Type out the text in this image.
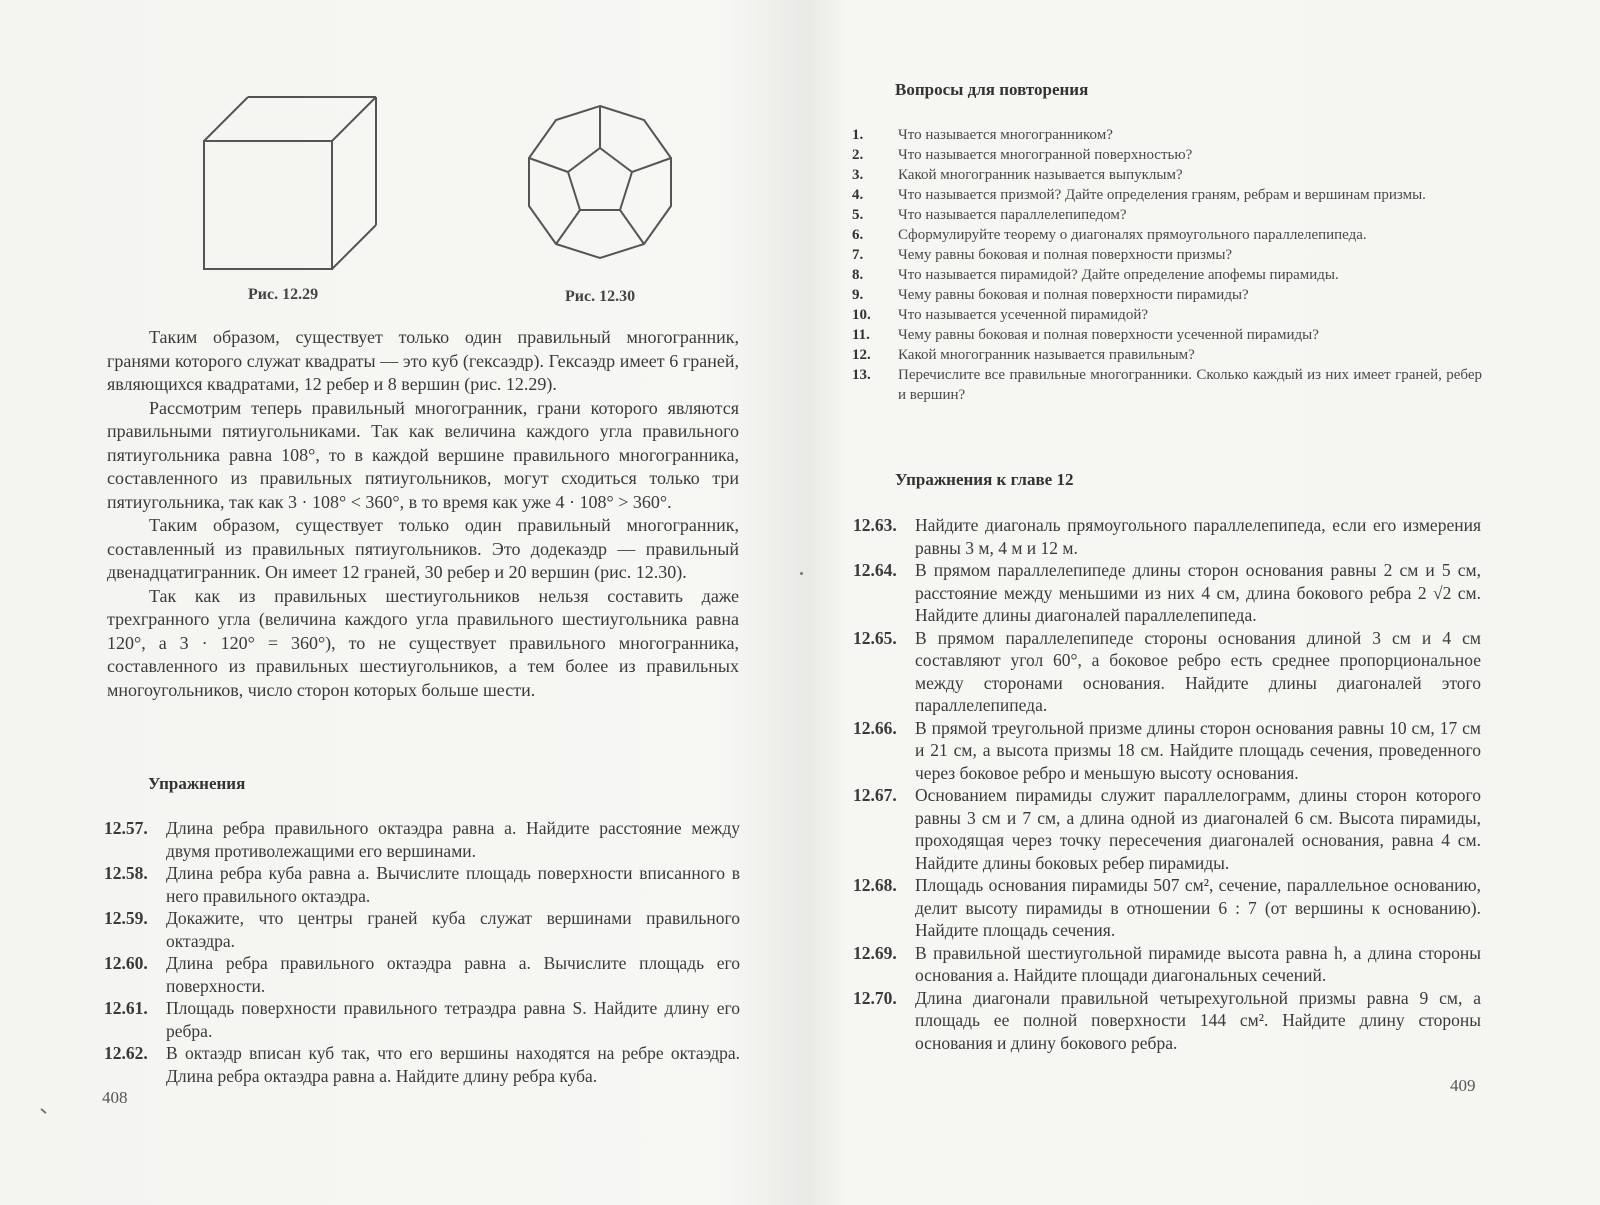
Рис. 12.29	Рис. 12.30

Таким образом, существует только один правильный многогранник, гранями которого служат квадраты — это куб (гексаэдр). Гексаэдр имеет 6 граней, являющихся квадратами, 12 ребер и 8 вершин (рис. 12.29).

Рассмотрим теперь правильный многогранник, грани которого являются правильными пятиугольниками. Так как величина каждого угла правильного пятиугольника равна 108°, то в каждой вершине правильного многогранника, составленного из правильных пятиугольников, могут сходиться только три пятиугольника, так как 3 · 108° < 360°, в то время как уже 4 · 108° > 360°.

Таким образом, существует только один правильный многогранник, составленный из правильных пятиугольников. Это додекаэдр — правильный двенадцатигранник. Он имеет 12 граней, 30 ребер и 20 вершин (рис. 12.30).

Так как из правильных шестиугольников нельзя составить даже трехгранного угла (величина каждого угла правильного шестиугольника равна 120°, а 3 · 120° = 360°), то не существует правильного многогранника, составленного из правильных шестиугольников, а тем более из правильных многоугольников, число сторон которых больше шести.

Упражнения
12.57. Длина ребра правильного октаэдра равна a. Найдите расстояние между двумя противолежащими его вершинами.
12.58. Длина ребра куба равна a. Вычислите площадь поверхности вписанного в него правильного октаэдра.
12.59. Докажите, что центры граней куба служат вершинами правильного октаэдра.
12.60. Длина ребра правильного октаэдра равна a. Вычислите площадь его поверхности.
12.61. Площадь поверхности правильного тетраэдра равна S. Найдите длину его ребра.
12.62. В октаэдр вписан куб так, что его вершины находятся на ребре октаэдра. Длина ребра октаэдра равна a. Найдите длину ребра куба.
408
Вопросы для повторения
1. Что называется многогранником?
2. Что называется многогранной поверхностью?
3. Какой многогранник называется выпуклым?
4. Что называется призмой? Дайте определения граням, ребрам и вершинам призмы.
5. Что называется параллелепипедом?
6. Сформулируйте теорему о диагоналях прямоугольного параллелепипеда.
7. Чему равны боковая и полная поверхности призмы?
8. Что называется пирамидой? Дайте определение апофемы пирамиды.
9. Чему равны боковая и полная поверхности пирамиды?
10. Что называется усеченной пирамидой?
11. Чему равны боковая и полная поверхности усеченной пирамиды?
12. Какой многогранник называется правильным?
13. Перечислите все правильные многогранники. Сколько каждый из них имеет граней, ребер и вершин?
Упражнения к главе 12
12.63. Найдите диагональ прямоугольного параллелепипеда, если его измерения равны 3 м, 4 м и 12 м.
12.64. В прямом параллелепипеде длины сторон основания равны 2 см и 5 см, расстояние между меньшими из них 4 см, длина бокового ребра 2 √2 см. Найдите длины диагоналей параллелепипеда.
12.65. В прямом параллелепипеде стороны основания длиной 3 см и 4 см составляют угол 60°, а боковое ребро есть среднее пропорциональное между сторонами основания. Найдите длины диагоналей этого параллелепипеда.
12.66. В прямой треугольной призме длины сторон основания равны 10 см, 17 см и 21 см, а высота призмы 18 см. Найдите площадь сечения, проведенного через боковое ребро и меньшую высоту основания.
12.67. Основанием пирамиды служит параллелограмм, длины сторон которого равны 3 см и 7 см, а длина одной из диагоналей 6 см. Высота пирамиды, проходящая через точку пересечения диагоналей основания, равна 4 см. Найдите длины боковых ребер пирамиды.
12.68. Площадь основания пирамиды 507 см², сечение, параллельное основанию, делит высоту пирамиды в отношении 6 : 7 (от вершины к основанию). Найдите площадь сечения.
12.69. В правильной шестиугольной пирамиде высота равна h, а длина стороны основания a. Найдите площади диагональных сечений.
12.70. Длина диагонали правильной четырехугольной призмы равна 9 см, а площадь ее полной поверхности 144 см². Найдите длину стороны основания и длину бокового ребра.
409
